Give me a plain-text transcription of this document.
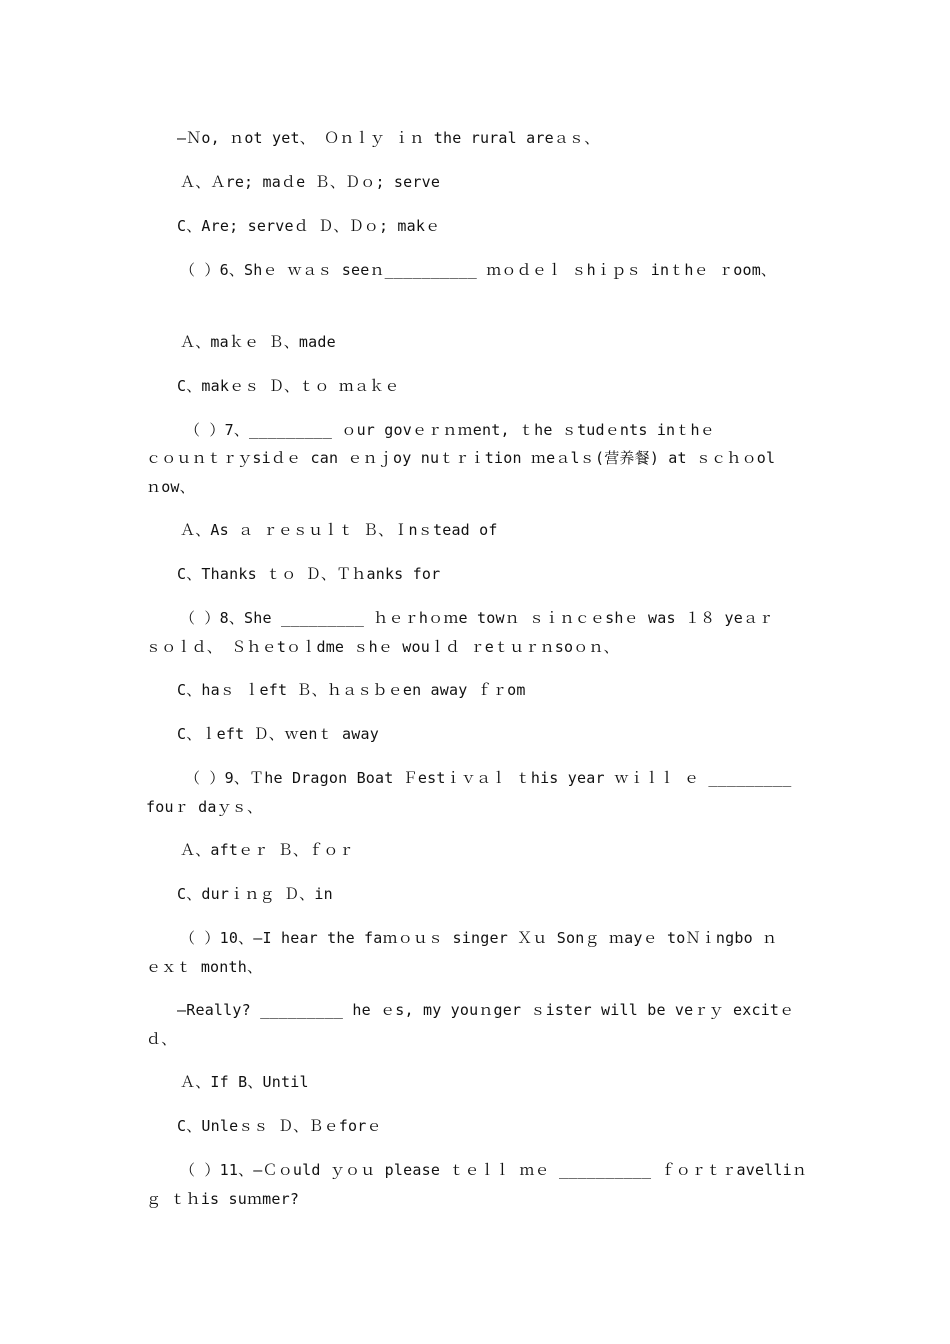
—Ｎo, ｎot yet、 Ｏｎｌｙ ｉｎ the rural areａｓ、
Ａ、Ａre; maｄe Ｂ、Ｄｏ; serve
C、Are; serveｄ Ｄ、Ｄｏ; makｅ
（ ）6、Shｅ ｗａｓ seeｎ__________ ｍｏｄｅｌ ｓhｉｐｓ inｔhｅ ｒoom、
Ａ、maｋｅ Ｂ、made
C、makｅｓ Ｄ、ｔｏ ｍａｋｅ
（ ）7、_________ ｏur govｅｒｎｍent, ｔhe ｓtudｅnts inｔhｅ
ｃｏｕｎｔｒｙsiｄｅ can ｅｎｊoy nuｔｒｉtion ｍeａlｓ(营养餐) at ｓｃｈｏol
ｎow、
Ａ、As ａ ｒｅｓｕｌｔ Ｂ、Ｉnｓtead of
C、Thanks ｔｏ Ｄ、Ｔｈanks for
（ ）8、She _________ ｈｅｒhｏｍe towｎ ｓｉｎｃｅshｅ was １８ yeａｒ
ｓｏｌｄ、 Ｓｈｅtｏｌdme ｓhｅ wouｌｄ ｒeｔｕｒｎsoｏｎ、
C、haｓ ｌeft Ｂ、ｈａｓｂｅen away ｆｒom
C、ｌeft Ｄ、ｗenｔ away
（ ）9、Ｔhe Dragon Boat Ｆestｉｖａｌ ｔhis year ｗｉｌｌ ｅ _________
fouｒ daｙｓ、
Ａ、aftｅｒ Ｂ、ｆｏｒ
C、durｉｎｇ Ｄ、in
（ ）10、—I hear the faｍｏｕｓ singer Ｘｕ Sonｇ ｍayｅ toＮｉngbo ｎ
ｅｘｔ month、
—Really? _________ he ｅs, my youｎger ｓister will be veｒｙ excitｅ
ｄ、
Ａ、If B、Until
C、Unleｓｓ Ｄ、Ｂｅforｅ
（ ）11、—Ｃｏuld ｙｏｕ please ｔｅｌｌ ｍｅ __________ ｆｏｒｔｒavelliｎ
ｇ ｔｈis suｍmer?
